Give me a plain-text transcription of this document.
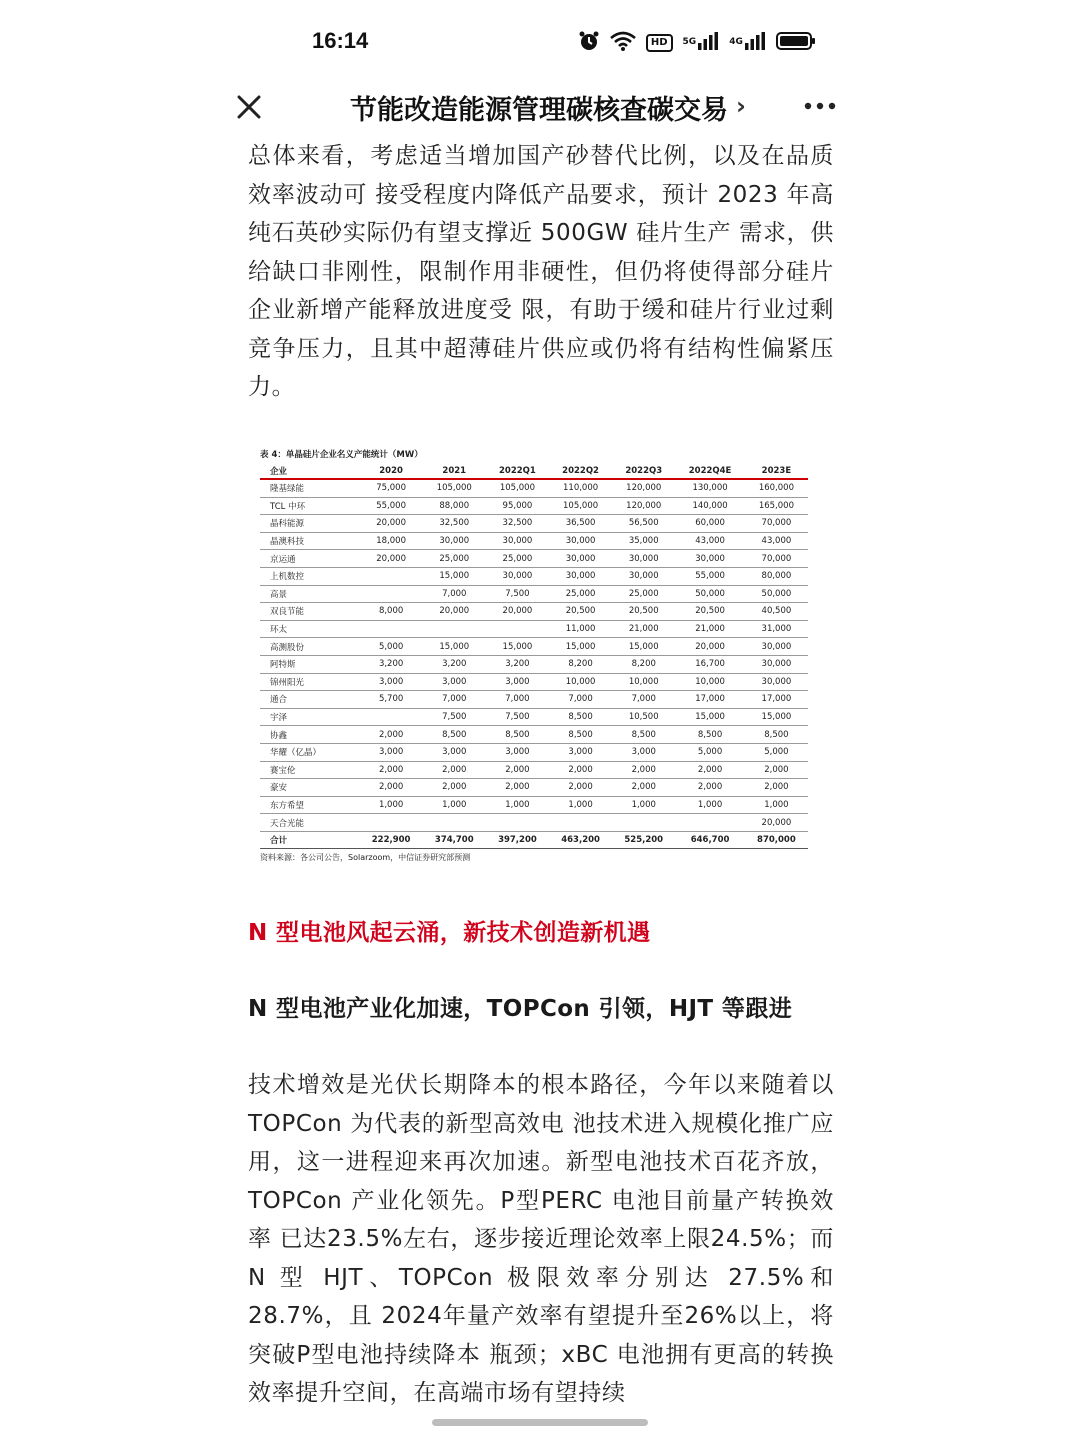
16:14	HD	$^{5G}$	$^{4G}$
节能改造能源管理碳核查碳交易 ›

总体来看，考虑适当增加国产砂替代比例，以及在品质效率波动可 接受程度内降低产品要求，预计 2023 年高纯石英砂实际仍有望支撑近 500GW 硅片生产 需求，供给缺口非刚性，限制作用非硬性，但仍将使得部分硅片企业新增产能释放进度受 限，有助于缓和硅片行业过剩竞争压力，且其中超薄硅片供应或仍将有结构性偏紧压力。

表 4：单晶硅片企业名义产能统计（MW）
企业	2020	2021	2022Q1	2022Q2	2022Q3	2022Q4E	2023E
隆基绿能	75,000	105,000	105,000	110,000	120,000	130,000	160,000
TCL 中环	55,000	88,000	95,000	105,000	120,000	140,000	165,000
晶科能源	20,000	32,500	32,500	36,500	56,500	60,000	70,000
晶澳科技	18,000	30,000	30,000	30,000	35,000	43,000	43,000
京运通	20,000	25,000	25,000	30,000	30,000	30,000	70,000
上机数控		15,000	30,000	30,000	30,000	55,000	80,000
高景		7,000	7,500	25,000	25,000	50,000	50,000
双良节能	8,000	20,000	20,000	20,500	20,500	20,500	40,500
环太				11,000	21,000	21,000	31,000
高测股份	5,000	15,000	15,000	15,000	15,000	20,000	30,000
阿特斯	3,200	3,200	3,200	8,200	8,200	16,700	30,000
锦州阳光	3,000	3,000	3,000	10,000	10,000	10,000	30,000
通合	5,700	7,000	7,000	7,000	7,000	17,000	17,000
宇泽		7,500	7,500	8,500	10,500	15,000	15,000
协鑫	2,000	8,500	8,500	8,500	8,500	8,500	8,500
华耀（亿晶）	3,000	3,000	3,000	3,000	3,000	5,000	5,000
赛宝伦	2,000	2,000	2,000	2,000	2,000	2,000	2,000
豪安	2,000	2,000	2,000	2,000	2,000	2,000	2,000
东方希望	1,000	1,000	1,000	1,000	1,000	1,000	1,000
天合光能							20,000
合计	222,900	374,700	397,200	463,200	525,200	646,700	870,000
资料来源：各公司公告，Solarzoom，中信证券研究部预测
N 型电池风起云涌，新技术创造新机遇
N 型电池产业化加速，TOPCon 引领，HJT 等跟进

技术增效是光伏长期降本的根本路径，今年以来随着以 TOPCon 为代表的新型高效电 池技术进入规模化推广应用，这一进程迎来再次加速。新型电池技术百花齐放，TOPCon 产业化领先。P型PERC 电池目前量产转换效率 已达23.5%左右，逐步接近理论效率上限24.5%；而 N 型 HJT、TOPCon 极限效率分别达 27.5%和 28.7%，且 2024年量产效率有望提升至26%以上，将突破P型电池持续降本 瓶颈；xBC 电池拥有更高的转换效率提升空间，在高端市场有望持续
